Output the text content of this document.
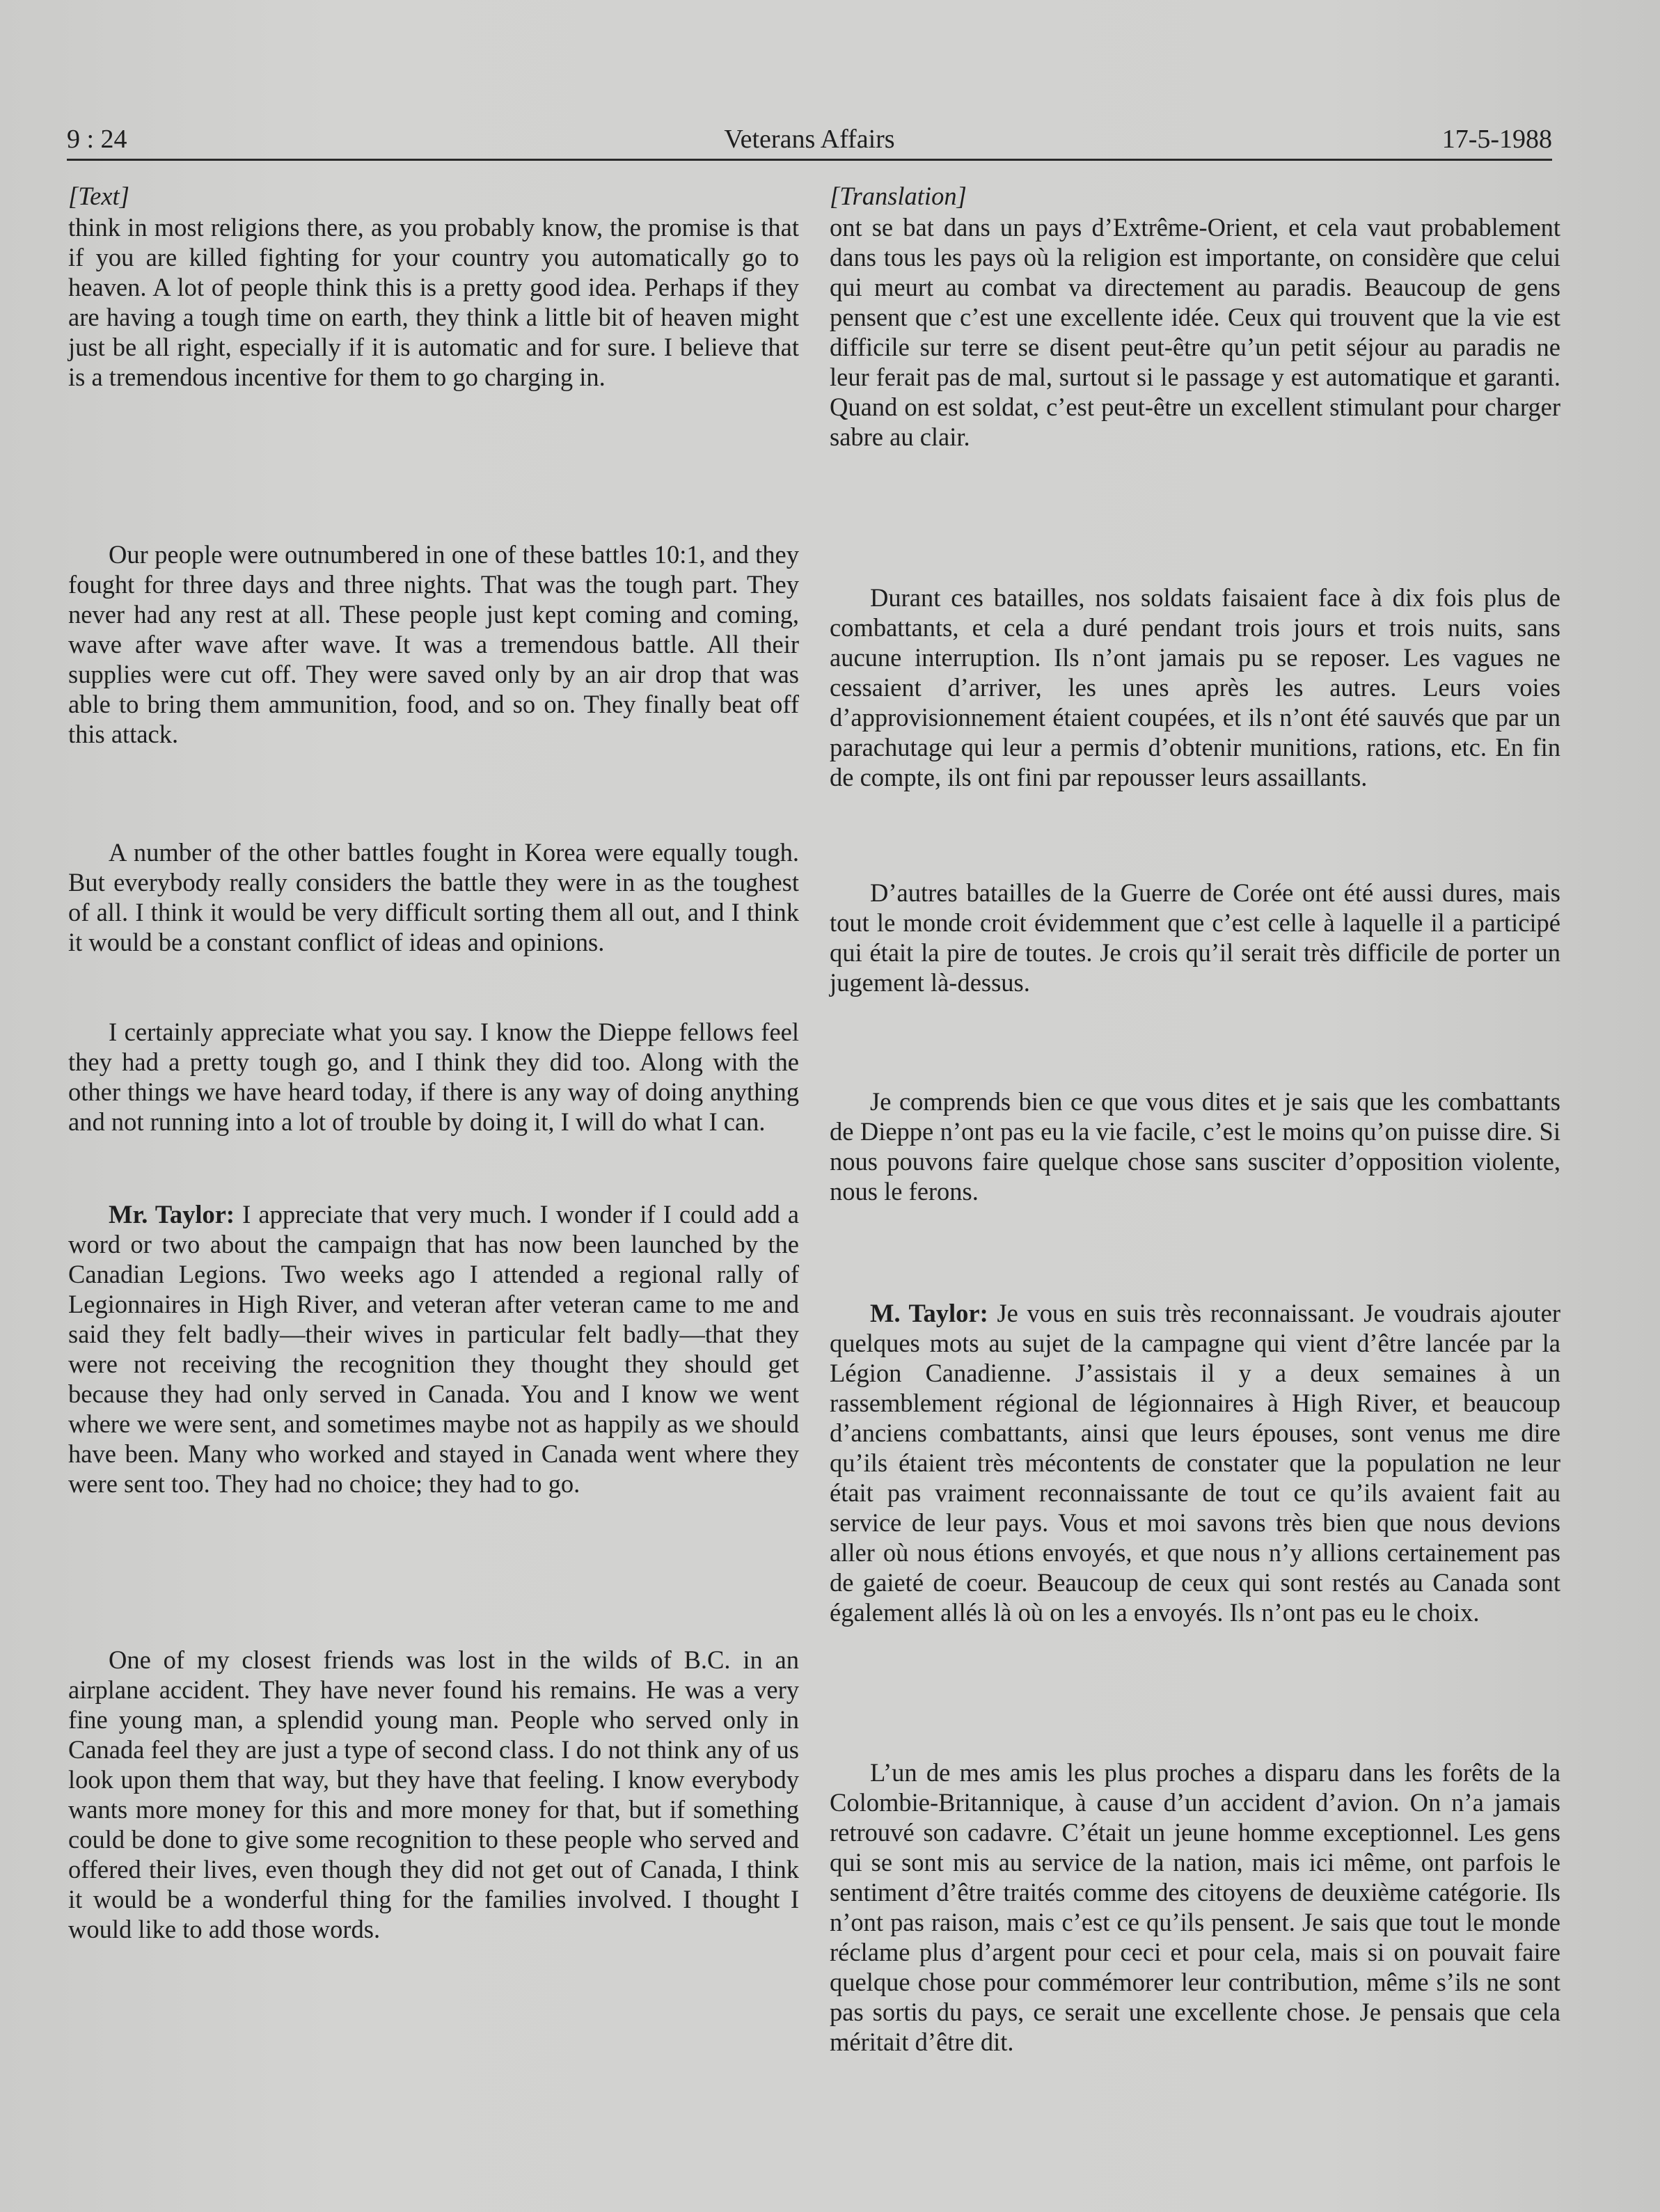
9 : 24	Veterans Affairs	17-5-1988

[Text]

think in most religions there, as you probably know, the promise is that if you are killed fighting for your country you automatically go to heaven. A lot of people think this is a pretty good idea. Perhaps if they are having a tough time on earth, they think a little bit of heaven might just be all right, especially if it is automatic and for sure. I believe that is a tremendous incentive for them to go charging in.

Our people were outnumbered in one of these battles 10:1, and they fought for three days and three nights. That was the tough part. They never had any rest at all. These people just kept coming and coming, wave after wave after wave. It was a tremendous battle. All their supplies were cut off. They were saved only by an air drop that was able to bring them ammunition, food, and so on. They finally beat off this attack.

A number of the other battles fought in Korea were equally tough. But everybody really considers the battle they were in as the toughest of all. I think it would be very difficult sorting them all out, and I think it would be a constant conflict of ideas and opinions.

I certainly appreciate what you say. I know the Dieppe fellows feel they had a pretty tough go, and I think they did too. Along with the other things we have heard today, if there is any way of doing anything and not running into a lot of trouble by doing it, I will do what I can.

Mr. Taylor: I appreciate that very much. I wonder if I could add a word or two about the campaign that has now been launched by the Canadian Legions. Two weeks ago I attended a regional rally of Legionnaires in High River, and veteran after veteran came to me and said they felt badly—their wives in particular felt badly—that they were not receiving the recognition they thought they should get because they had only served in Canada. You and I know we went where we were sent, and sometimes maybe not as happily as we should have been. Many who worked and stayed in Canada went where they were sent too. They had no choice; they had to go.

One of my closest friends was lost in the wilds of B.C. in an airplane accident. They have never found his remains. He was a very fine young man, a splendid young man. People who served only in Canada feel they are just a type of second class. I do not think any of us look upon them that way, but they have that feeling. I know everybody wants more money for this and more money for that, but if something could be done to give some recognition to these people who served and offered their lives, even though they did not get out of Canada, I think it would be a wonderful thing for the families involved. I thought I would like to add those words.

[Translation]

ont se bat dans un pays d’Extrême-Orient, et cela vaut probablement dans tous les pays où la religion est importante, on considère que celui qui meurt au combat va directement au paradis. Beaucoup de gens pensent que c’est une excellente idée. Ceux qui trouvent que la vie est difficile sur terre se disent peut-être qu’un petit séjour au paradis ne leur ferait pas de mal, surtout si le passage y est automatique et garanti. Quand on est soldat, c’est peut-être un excellent stimulant pour charger sabre au clair.

Durant ces batailles, nos soldats faisaient face à dix fois plus de combattants, et cela a duré pendant trois jours et trois nuits, sans aucune interruption. Ils n’ont jamais pu se reposer. Les vagues ne cessaient d’arriver, les unes après les autres. Leurs voies d’approvisionnement étaient coupées, et ils n’ont été sauvés que par un parachutage qui leur a permis d’obtenir munitions, rations, etc. En fin de compte, ils ont fini par repousser leurs assaillants.

D’autres batailles de la Guerre de Corée ont été aussi dures, mais tout le monde croit évidemment que c’est celle à laquelle il a participé qui était la pire de toutes. Je crois qu’il serait très difficile de porter un jugement là-dessus.

Je comprends bien ce que vous dites et je sais que les combattants de Dieppe n’ont pas eu la vie facile, c’est le moins qu’on puisse dire. Si nous pouvons faire quelque chose sans susciter d’opposition violente, nous le ferons.

M. Taylor: Je vous en suis très reconnaissant. Je voudrais ajouter quelques mots au sujet de la campagne qui vient d’être lancée par la Légion Canadienne. J’assistais il y a deux semaines à un rassemblement régional de légionnaires à High River, et beaucoup d’anciens combattants, ainsi que leurs épouses, sont venus me dire qu’ils étaient très mécontents de constater que la population ne leur était pas vraiment reconnaissante de tout ce qu’ils avaient fait au service de leur pays. Vous et moi savons très bien que nous devions aller où nous étions envoyés, et que nous n’y allions certainement pas de gaieté de coeur. Beaucoup de ceux qui sont restés au Canada sont également allés là où on les a envoyés. Ils n’ont pas eu le choix.

L’un de mes amis les plus proches a disparu dans les forêts de la Colombie-Britannique, à cause d’un accident d’avion. On n’a jamais retrouvé son cadavre. C’était un jeune homme exceptionnel. Les gens qui se sont mis au service de la nation, mais ici même, ont parfois le sentiment d’être traités comme des citoyens de deuxième catégorie. Ils n’ont pas raison, mais c’est ce qu’ils pensent. Je sais que tout le monde réclame plus d’argent pour ceci et pour cela, mais si on pouvait faire quelque chose pour commémorer leur contribution, même s’ils ne sont pas sortis du pays, ce serait une excellente chose. Je pensais que cela méritait d’être dit.
